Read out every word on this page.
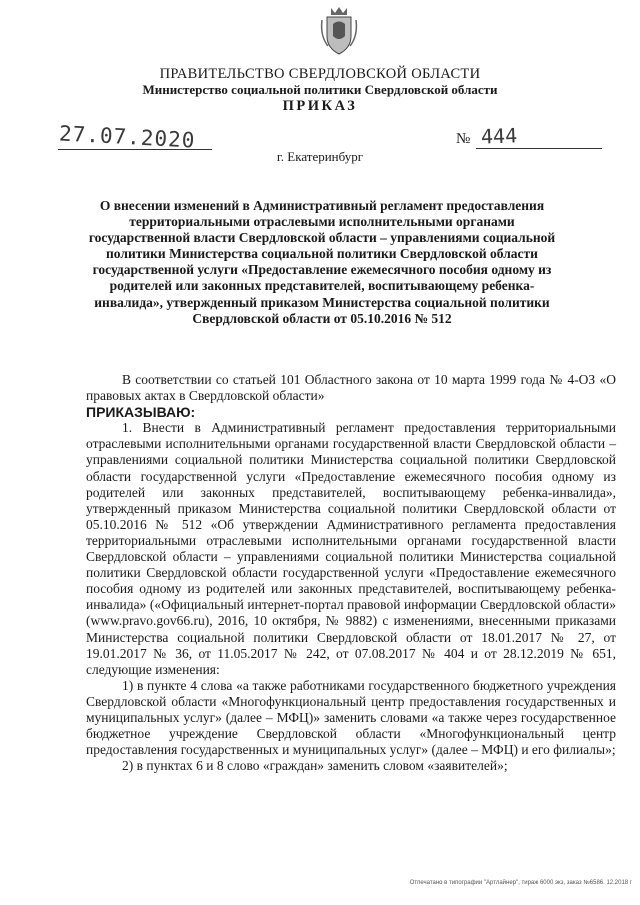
ПРАВИТЕЛЬСТВО СВЕРДЛОВСКОЙ ОБЛАСТИ
Министерство социальной политики Свердловской области
ПРИКАЗ
27.07.2020	№ 444
г. Екатеринбург
О внесении изменений в Административный регламент предоставления территориальными отраслевыми исполнительными органами государственной власти Свердловской области – управлениями социальной политики Министерства социальной политики Свердловской области государственной услуги «Предоставление ежемесячного пособия одному из родителей или законных представителей, воспитывающему ребенка-инвалида», утвержденный приказом Министерства социальной политики Свердловской области от 05.10.2016 № 512

В соответствии со статьей 101 Областного закона от 10 марта 1999 года № 4-ОЗ «О правовых актах в Свердловской области»

ПРИКАЗЫВАЮ:

1. Внести в Административный регламент предоставления территориальными отраслевыми исполнительными органами государственной власти Свердловской области – управлениями социальной политики Министерства социальной политики Свердловской области государственной услуги «Предоставление ежемесячного пособия одному из родителей или законных представителей, воспитывающему ребенка-инвалида», утвержденный приказом Министерства социальной политики Свердловской области от 05.10.2016 № 512 «Об утверждении Административного регламента предоставления территориальными отраслевыми исполнительными органами государственной власти Свердловской области – управлениями социальной политики Министерства социальной политики Свердловской области государственной услуги «Предоставление ежемесячного пособия одному из родителей или законных представителей, воспитывающему ребенка-инвалида» («Официальный интернет-портал правовой информации Свердловской области» (www.pravo.gov66.ru), 2016, 10 октября, № 9882) с изменениями, внесенными приказами Министерства социальной политики Свердловской области от 18.01.2017 № 27, от 19.01.2017 № 36, от 11.05.2017 № 242, от 07.08.2017 № 404 и от 28.12.2019 № 651, следующие изменения:

1) в пункте 4 слова «а также работниками государственного бюджетного учреждения Свердловской области «Многофункциональный центр предоставления государственных и муниципальных услуг» (далее – МФЦ)» заменить словами «а также через государственное бюджетное учреждение Свердловской области «Многофункциональный центр предоставления государственных и муниципальных услуг» (далее – МФЦ) и его филиалы»;

2) в пунктах 6 и 8 слово «граждан» заменить словом «заявителей»;

Отпечатано в типографии "Артлайнер", тираж 6000 экз, заказ №6586. 12.2018 г
